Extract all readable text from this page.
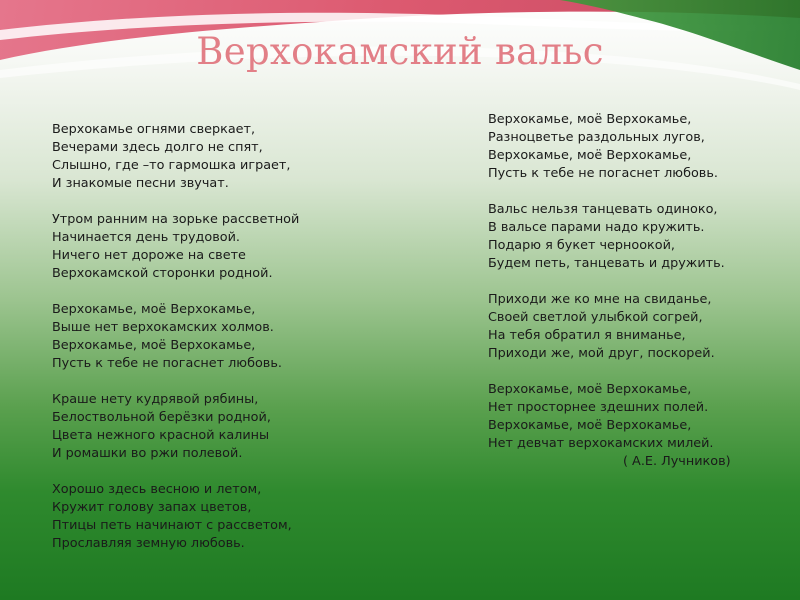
Верхокамский вальс
Верхокамье огнями сверкает,
Вечерами здесь долго не спят,
Слышно, где –то гармошка играет,
И знакомые песни звучат.
Утром ранним на зорьке рассветной
Начинается день трудовой.
Ничего нет дороже на свете
Верхокамской сторонки родной.
Верхокамье, моё Верхокамье,
Выше нет верхокамских холмов.
Верхокамье, моё Верхокамье,
Пусть к тебе не погаснет любовь.
Краше нету кудрявой рябины,
Белоствольной берёзки родной,
Цвета нежного красной калины
И ромашки во ржи полевой.
Хорошо здесь весною и летом,
Кружит голову запах цветов,
Птицы петь начинают с рассветом,
Прославляя земную любовь.
Верхокамье, моё Верхокамье,
Разноцветье раздольных лугов,
Верхокамье, моё Верхокамье,
Пусть к тебе не погаснет любовь.
Вальс нельзя танцевать одиноко,
В вальсе парами надо кружить.
Подарю я букет черноокой,
Будем петь, танцевать и дружить.
Приходи же ко мне на свиданье,
Своей светлой улыбкой согрей,
На тебя обратил я вниманье,
Приходи же, мой друг, поскорей.
Верхокамье, моё Верхокамье,
Нет просторнее здешних полей.
Верхокамье, моё Верхокамье,
Нет девчат верхокамских милей.
( А.Е. Лучников)
